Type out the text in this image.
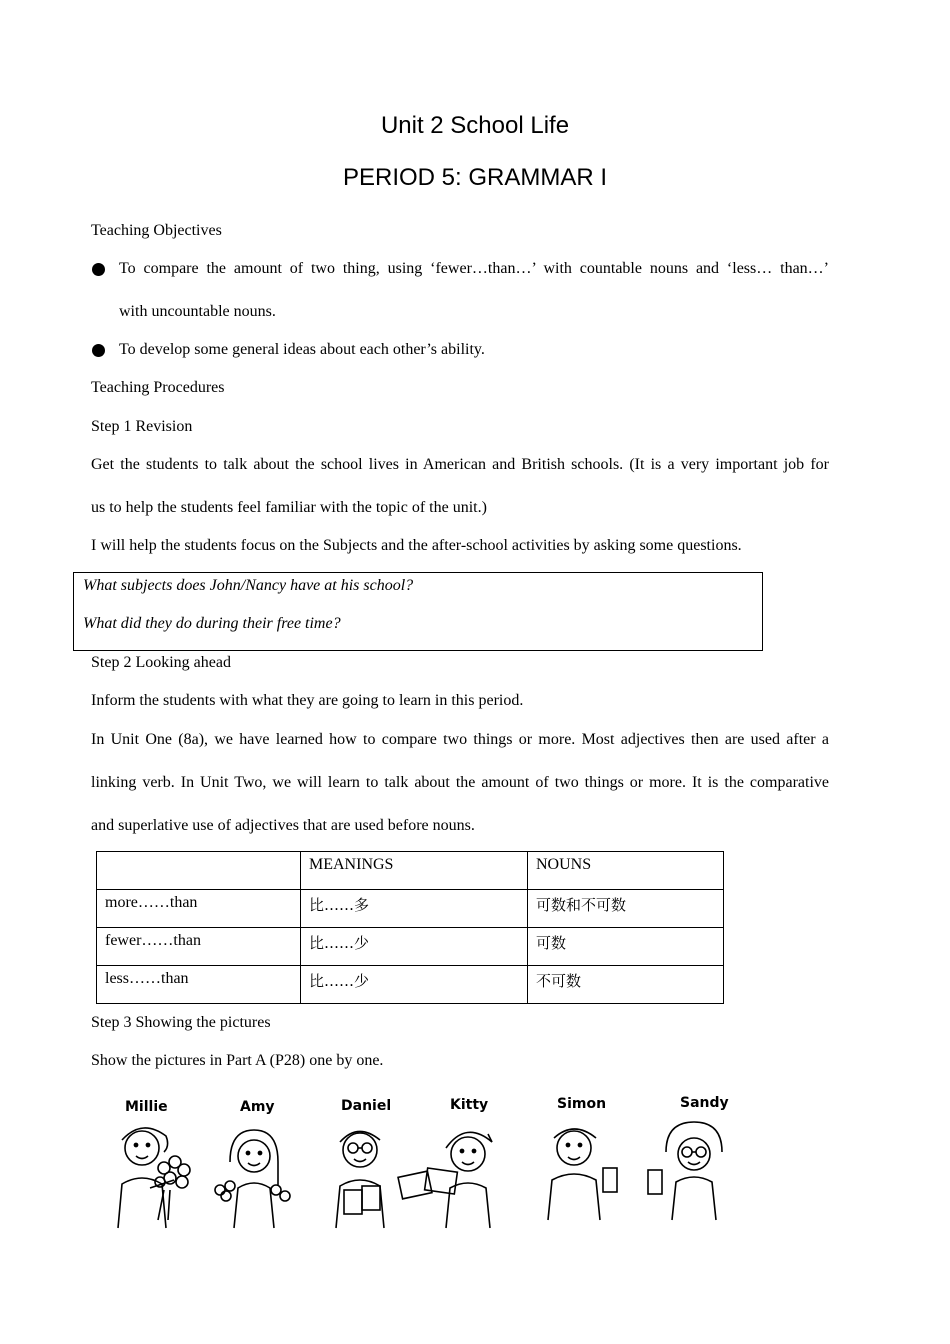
Unit 2 School Life
PERIOD 5: GRAMMAR I
Teaching Objectives
To compare the amount of two thing, using ‘fewer…than…’ with countable nouns and ‘less… than…’
with uncountable nouns.
To develop some general ideas about each other’s ability.
Teaching Procedures
Step 1 Revision
Get the students to talk about the school lives in American and British schools. (It is a very important job for
us to help the students feel familiar with the topic of the unit.)
I will help the students focus on the Subjects and the after-school activities by asking some questions.
What subjects does John/Nancy have at his school?
What did they do during their free time?
Step 2 Looking ahead
Inform the students with what they are going to learn in this period.
In Unit One (8a), we have learned how to compare two things or more. Most adjectives then are used after a
linking verb. In Unit Two, we will learn to talk about the amount of two things or more. It is the comparative
and superlative use of adjectives that are used before nouns.
	MEANINGS	NOUNS
more……than	比……多	可数和不可数
fewer……than	比……少	可数
less……than	比……少	不可数
Step 3 Showing the pictures
Show the pictures in Part A (P28) one by one.
Millie	Amy	Daniel	Kitty	Simon	Sandy
